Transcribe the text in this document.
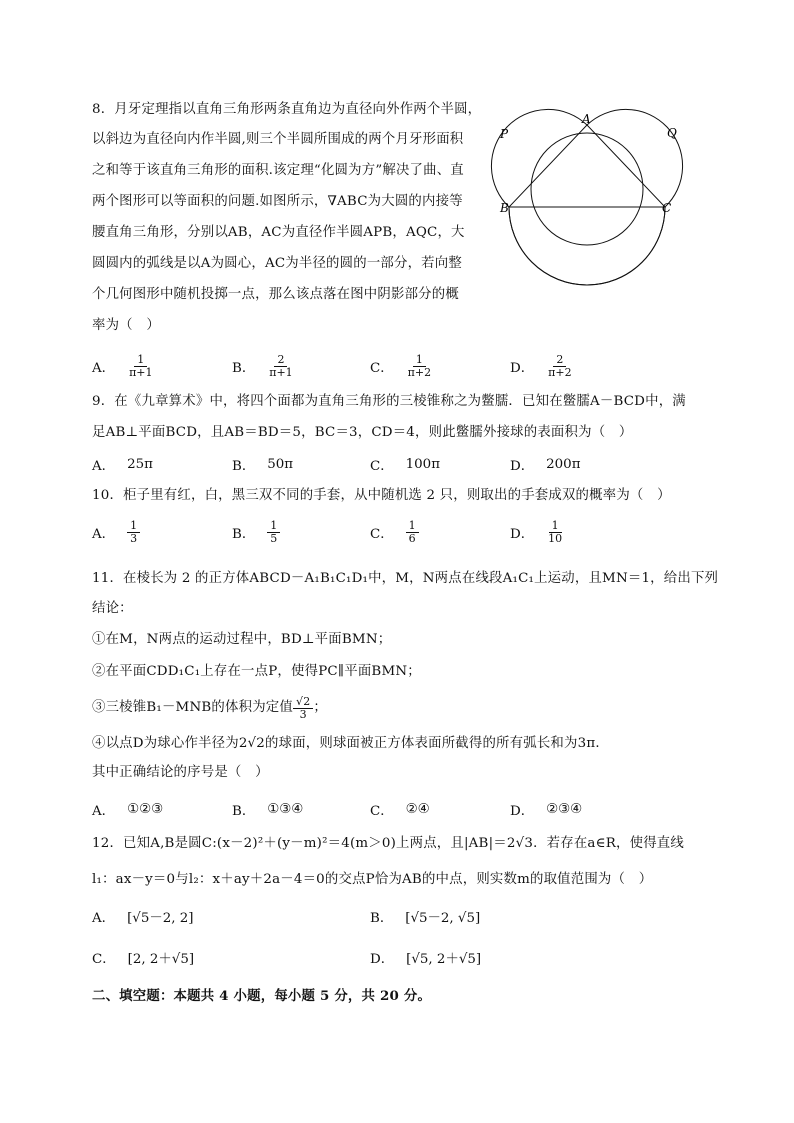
8．月牙定理指以直角三角形两条直角边为直径向外作两个半圆，
以斜边为直径向内作半圆,则三个半圆所围成的两个月牙形面积
之和等于该直角三角形的面积.该定理“化圆为方”解决了曲、直
两个图形可以等面积的问题.如图所示，∇ABC为大圆的内接等
腰直角三角形，分别以AB，AC为直径作半圆APB，AQC，大
圆圆内的弧线是以A为圆心，AC为半径的圆的一部分，若向整
个几何图形中随机投掷一点，那么该点落在图中阴影部分的概
率为（　）
A
P	Q
B	C
A． $\frac{1}{\pi+1}$	B． $\frac{2}{\pi+1}$	C． $\frac{1}{\pi+2}$	D． $\frac{2}{\pi+2}$
9．在《九章算术》中，将四个面都为直角三角形的三棱锥称之为鳖臑．已知在鳖臑A－BCD中，满
足AB⊥平面BCD，且AB＝BD＝5，BC＝3，CD＝4，则此鳖臑外接球的表面积为（　）
A． 25π	B． 50π	C． 100π	D． 200π
10．柜子里有红，白，黑三双不同的手套，从中随机选 2 只，则取出的手套成双的概率为（　）
A． $\frac{1}{3}$	B． $\frac{1}{5}$	C． $\frac{1}{6}$	D． $\frac{1}{10}$
11．在棱长为 2 的正方体ABCD－A₁B₁C₁D₁中，M，N两点在线段A₁C₁上运动，且MN＝1，给出下列
结论：
①在M，N两点的运动过程中，BD⊥平面BMN；
②在平面CDD₁C₁上存在一点P，使得PC∥平面BMN；
③三棱锥B₁－MNB的体积为定值 $\frac{√2}{3}$ ；
④以点D为球心作半径为2√2的球面，则球面被正方体表面所截得的所有弧长和为3π．
其中正确结论的序号是（　）
A． ①②③	B． ①③④	C． ②④	D． ②③④
12．已知A,B是圆C:(x－2)²＋(y－m)²＝4(m＞0)上两点，且|AB|＝2√3．若存在a∈R，使得直线
l₁：ax－y＝0与l₂：x＋ay＋2a－4＝0的交点P恰为AB的中点，则实数m的取值范围为（　）
A． [√5－2, 2]	B． [√5－2, √5]
C． [2, 2＋√5]	D． [√5, 2＋√5]
二、填空题：本题共 4 小题，每小题 5 分，共 20 分。
